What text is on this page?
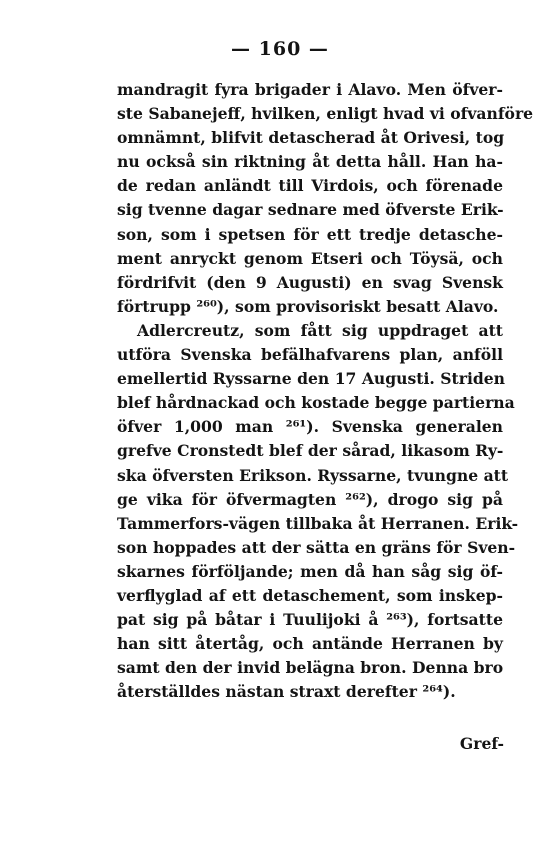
— 160 —
mandragit fyra brigader i Alavo. Men öfver-
ste Sabanejeff, hvilken, enligt hvad vi ofvanföre
omnämnt, blifvit detascherad åt Orivesi, tog
nu också sin riktning åt detta håll. Han ha-
de redan anländt till Virdois, och förenade
sig tvenne dagar sednare med öfverste Erik-
son, som i spetsen för ett tredje detasche-
ment anryckt genom Etseri och Töysä, och
fördrifvit (den 9 Augusti) en svag Svensk
förtrupp ²⁶⁰), som provisoriskt besatt Alavo.
Adlercreutz, som fått sig uppdraget att
utföra Svenska befälhafvarens plan, anföll
emellertid Ryssarne den 17 Augusti. Striden
blef hårdnackad och kostade begge partierna
öfver 1,000 man ²⁶¹). Svenska generalen
grefve Cronstedt blef der sårad, likasom Ry-
ska öfversten Erikson. Ryssarne, tvungne att
ge vika för öfvermagten ²⁶²), drogo sig på
Tammerfors-vägen tillbaka åt Herranen. Erik-
son hoppades att der sätta en gräns för Sven-
skarnes förföljande; men då han såg sig öf-
verflyglad af ett detaschement, som inskep-
pat sig på båtar i Tuulijoki å ²⁶³), fortsatte
han sitt återtåg, och antände Herranen by
samt den der invid belägna bron. Denna bro
återställdes nästan straxt derefter ²⁶⁴).
Gref-
